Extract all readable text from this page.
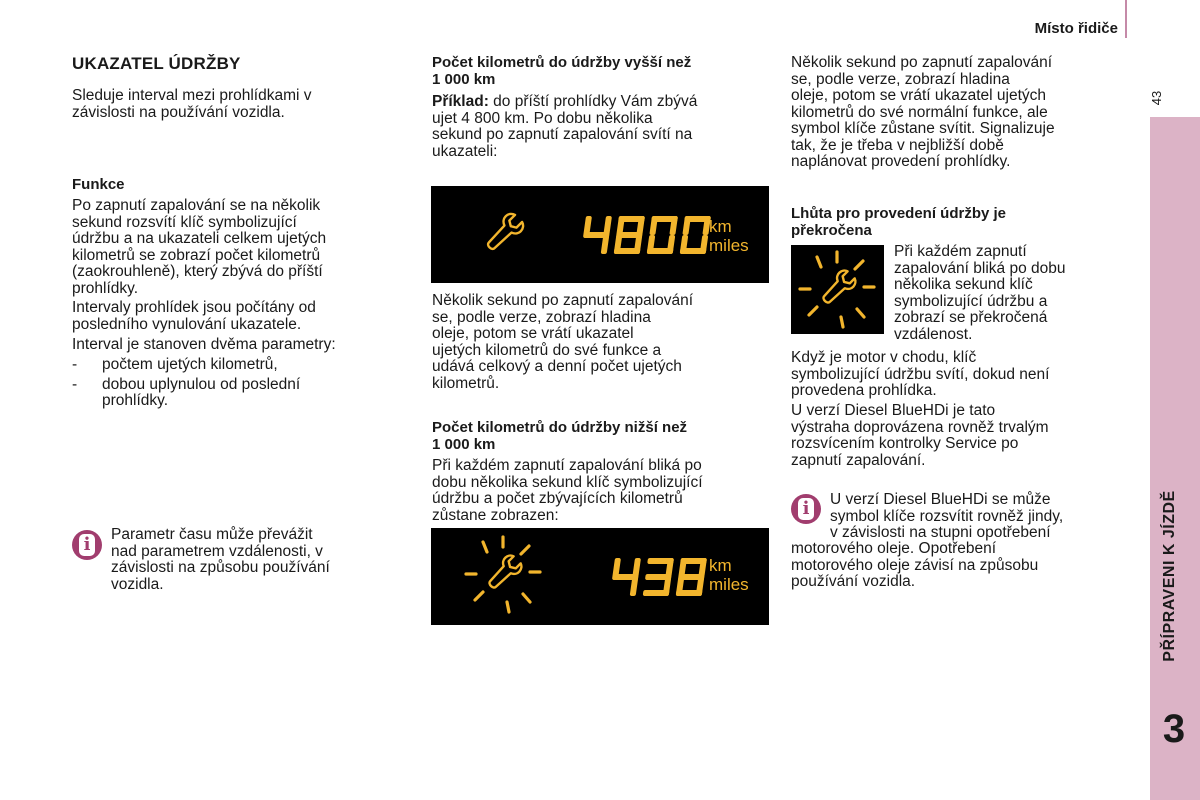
Místo řidiče
43
PŘÍPRAVENI K JÍZDĚ
3
UKAZATEL ÚDRŽBY

Sleduje interval mezi prohlídkami v
závislosti na používání vozidla.

Funkce

Po zapnutí zapalování se na několik
sekund rozsvítí klíč symbolizující
údržbu a na ukazateli celkem ujetých
kilometrů se zobrazí počet kilometrů
(zaokrouhleně), který zbývá do příští
prohlídky.

Intervaly prohlídek jsou počítány od
posledního vynulování ukazatele.

Interval je stanoven dvěma parametry:

- počtem ujetých kilometrů,
- dobou uplynulou od poslední
prohlídky.
i Parametr času může převážit
nad parametrem vzdálenosti, v
závislosti na způsobu používání
vozidla.

Počet kilometrů do údržby vyšší než
1 000 km

Příklad: do příští prohlídky Vám zbývá
ujet 4 800 km. Po dobu několika
sekund po zapnutí zapalování svítí na
ukazateli:

km
miles

Několik sekund po zapnutí zapalování
se, podle verze, zobrazí hladina
oleje, potom se vrátí ukazatel
ujetých kilometrů do své funkce a
udává celkový a denní počet ujetých
kilometrů.

Počet kilometrů do údržby nižší než
1 000 km

Při každém zapnutí zapalování bliká po
dobu několika sekund klíč symbolizující
údržbu a počet zbývajících kilometrů
zůstane zobrazen:

km
miles

Několik sekund po zapnutí zapalování
se, podle verze, zobrazí hladina
oleje, potom se vrátí ukazatel ujetých
kilometrů do své normální funkce, ale
symbol klíče zůstane svítit. Signalizuje
tak, že je třeba v nejbližší době
naplánovat provedení prohlídky.

Lhůta pro provedení údržby je
překročena

Při každém zapnutí
zapalování bliká po dobu
několika sekund klíč
symbolizující údržbu a
zobrazí se překročená
vzdálenost.

Když je motor v chodu, klíč
symbolizující údržbu svítí, dokud není
provedena prohlídka.

U verzí Diesel BlueHDi je tato
výstraha doprovázena rovněž trvalým
rozsvícením kontrolky Service po
zapnutí zapalování.

i U verzí Diesel BlueHDi se může
symbol klíče rozsvítit rovněž jindy,
v závislosti na stupni opotřebení

motorového oleje. Opotřebení
motorového oleje závisí na způsobu
používání vozidla.
